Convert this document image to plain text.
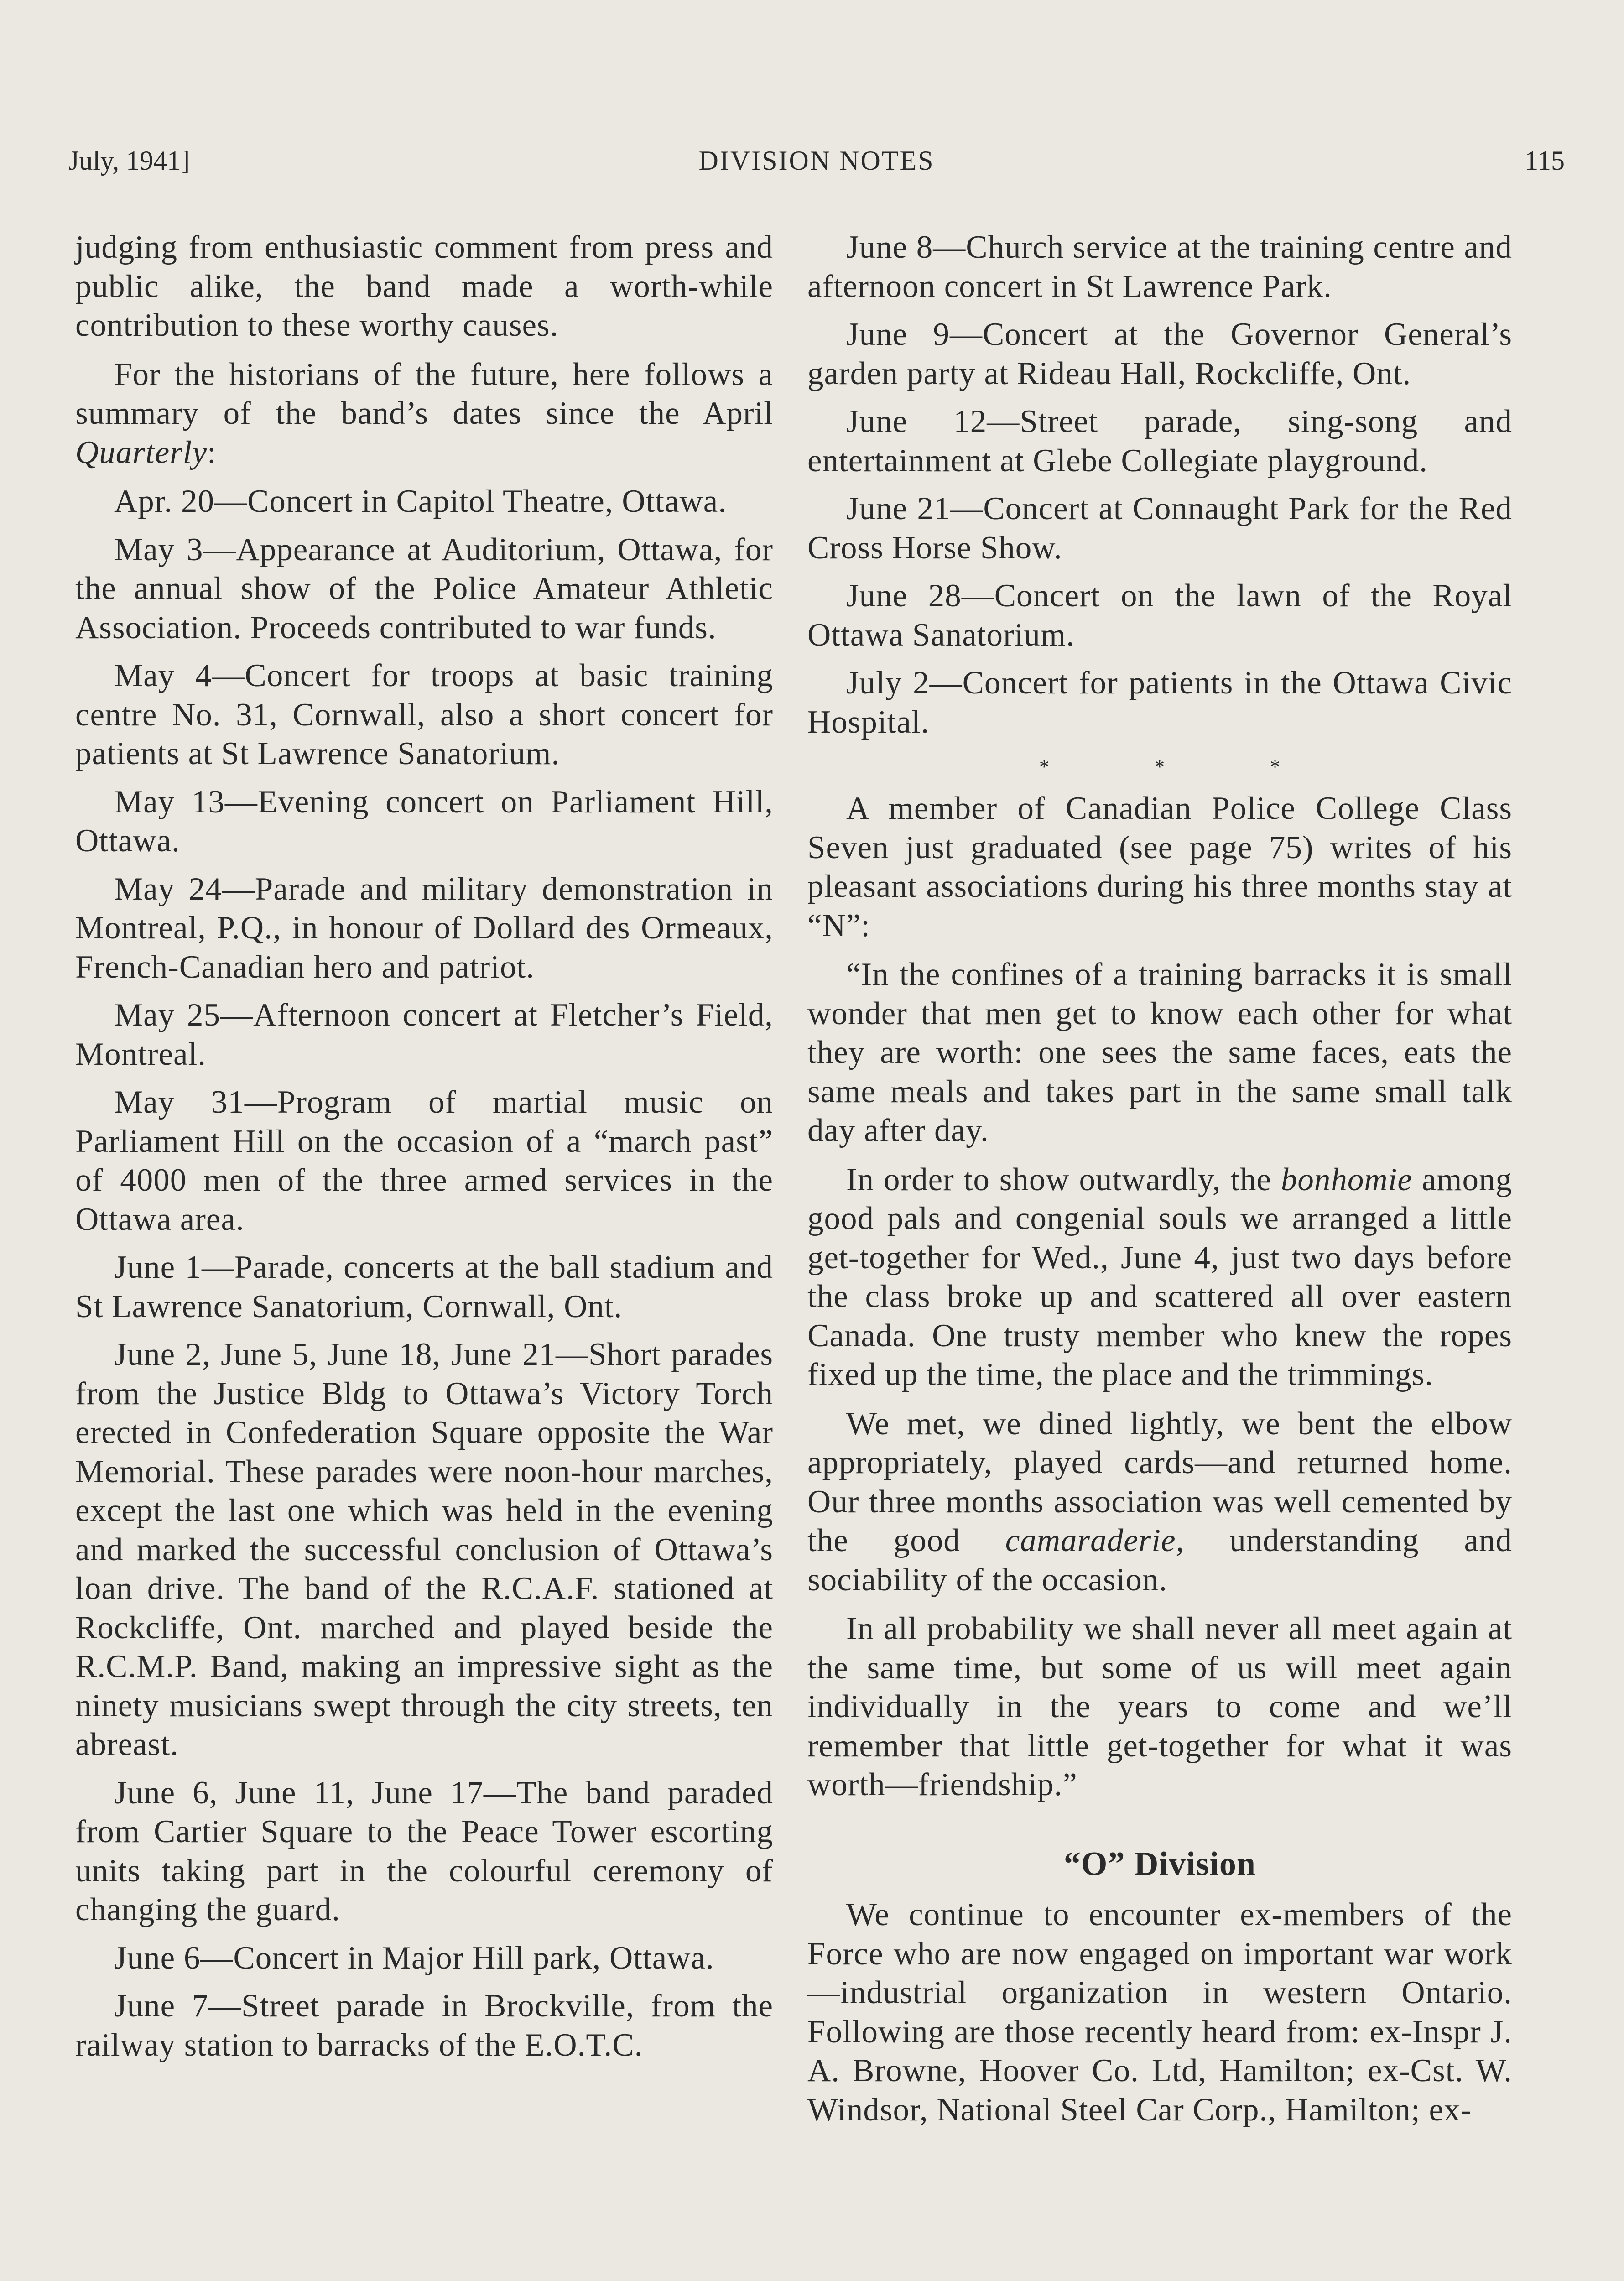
July, 1941]	DIVISION NOTES	115

judging from enthusiastic comment from press and public alike, the band made a worth-while contribution to these worthy causes.

For the historians of the future, here follows a summary of the band’s dates since the April Quarterly:

Apr. 20—Concert in Capitol Theatre, Ottawa.

May 3—Appearance at Auditorium, Ottawa, for the annual show of the Police Amateur Athletic Association. Proceeds contributed to war funds.

May 4—Concert for troops at basic training centre No. 31, Cornwall, also a short concert for patients at St Lawrence Sanatorium.

May 13—Evening concert on Parliament Hill, Ottawa.

May 24—Parade and military demonstration in Montreal, P.Q., in honour of Dollard des Ormeaux, French-Canadian hero and patriot.

May 25—Afternoon concert at Fletcher’s Field, Montreal.

May 31—Program of martial music on Parliament Hill on the occasion of a “march past” of 4000 men of the three armed services in the Ottawa area.

June 1—Parade, concerts at the ball stadium and St Lawrence Sanatorium, Cornwall, Ont.

June 2, June 5, June 18, June 21—Short parades from the Justice Bldg to Ottawa’s Victory Torch erected in Confederation Square opposite the War Memorial. These parades were noon-hour marches, except the last one which was held in the evening and marked the successful conclusion of Ottawa’s loan drive. The band of the R.C.A.F. stationed at Rockcliffe, Ont. marched and played beside the R.C.M.P. Band, making an impressive sight as the ninety musicians swept through the city streets, ten abreast.

June 6, June 11, June 17—The band paraded from Cartier Square to the Peace Tower escorting units taking part in the colourful ceremony of changing the guard.

June 6—Concert in Major Hill park, Ottawa.

June 7—Street parade in Brockville, from the railway station to barracks of the E.O.T.C.

June 8—Church service at the training centre and afternoon concert in St Lawrence Park.

June 9—Concert at the Governor General’s garden party at Rideau Hall, Rockcliffe, Ont.

June 12—Street parade, sing-song and entertainment at Glebe Collegiate playground.

June 21—Concert at Connaught Park for the Red Cross Horse Show.

June 28—Concert on the lawn of the Royal Ottawa Sanatorium.

July 2—Concert for patients in the Ottawa Civic Hospital.

*	*	*

A member of Canadian Police College Class Seven just graduated (see page 75) writes of his pleasant associations during his three months stay at “N”:

“In the confines of a training barracks it is small wonder that men get to know each other for what they are worth: one sees the same faces, eats the same meals and takes part in the same small talk day after day.

In order to show outwardly, the bonhomie among good pals and congenial souls we arranged a little get-together for Wed., June 4, just two days before the class broke up and scattered all over eastern Canada. One trusty member who knew the ropes fixed up the time, the place and the trimmings.

We met, we dined lightly, we bent the elbow appropriately, played cards—and returned home. Our three months association was well cemented by the good camaraderie, understanding and sociability of the occasion.

In all probability we shall never all meet again at the same time, but some of us will meet again individually in the years to come and we’ll remember that little get-together for what it was worth—friendship.”

“O” Division

We continue to encounter ex-members of the Force who are now engaged on important war work—industrial organization in western Ontario. Following are those recently heard from: ex-Inspr J. A. Browne, Hoover Co. Ltd, Hamilton; ex-Cst. W. Windsor, National Steel Car Corp., Hamilton; ex-
